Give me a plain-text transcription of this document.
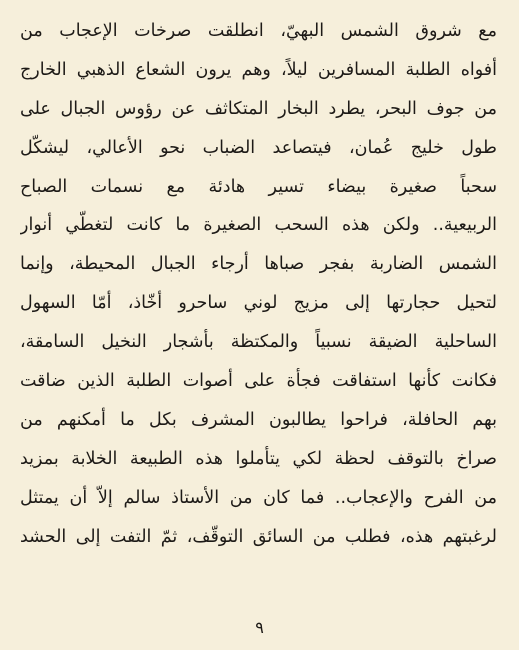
مع شروق الشمس البهيّ، انطلقت صرخات الإعجاب من
أفواه الطلبة المسافرين ليلاً، وهم يرون الشعاع الذهبي الخارج
من جوف البحر، يطرد البخار المتكاثف عن رؤوس الجبال على
طول خليج عُمان، فيتصاعد الضباب نحو الأعالي، ليشكّل
سحباً صغيرة بيضاء تسير هادئة مع نسمات الصباح
الربيعية.. ولكن هذه السحب الصغيرة ما كانت لتغطّي أنوار
الشمس الضاربة بفجر صباها أرجاء الجبال المحيطة، وإنما
لتحيل حجارتها إلى مزيج لوني ساحرو أخّاذ، أمّا السهول
الساحلية الضيقة نسبياً والمكتظة بأشجار النخيل السامقة،
فكانت كأنها استفاقت فجأة على أصوات الطلبة الذين ضاقت
بهم الحافلة، فراحوا يطالبون المشرف بكل ما أمكنهم من
صراخ بالتوقف لحظة لكي يتأملوا هذه الطبيعة الخلابة بمزيد
من الفرح والإعجاب.. فما كان من الأستاذ سالم إلاّ أن يمتثل
لرغبتهم هذه، فطلب من السائق التوقّف، ثمّ التفت إلى الحشد
٩
